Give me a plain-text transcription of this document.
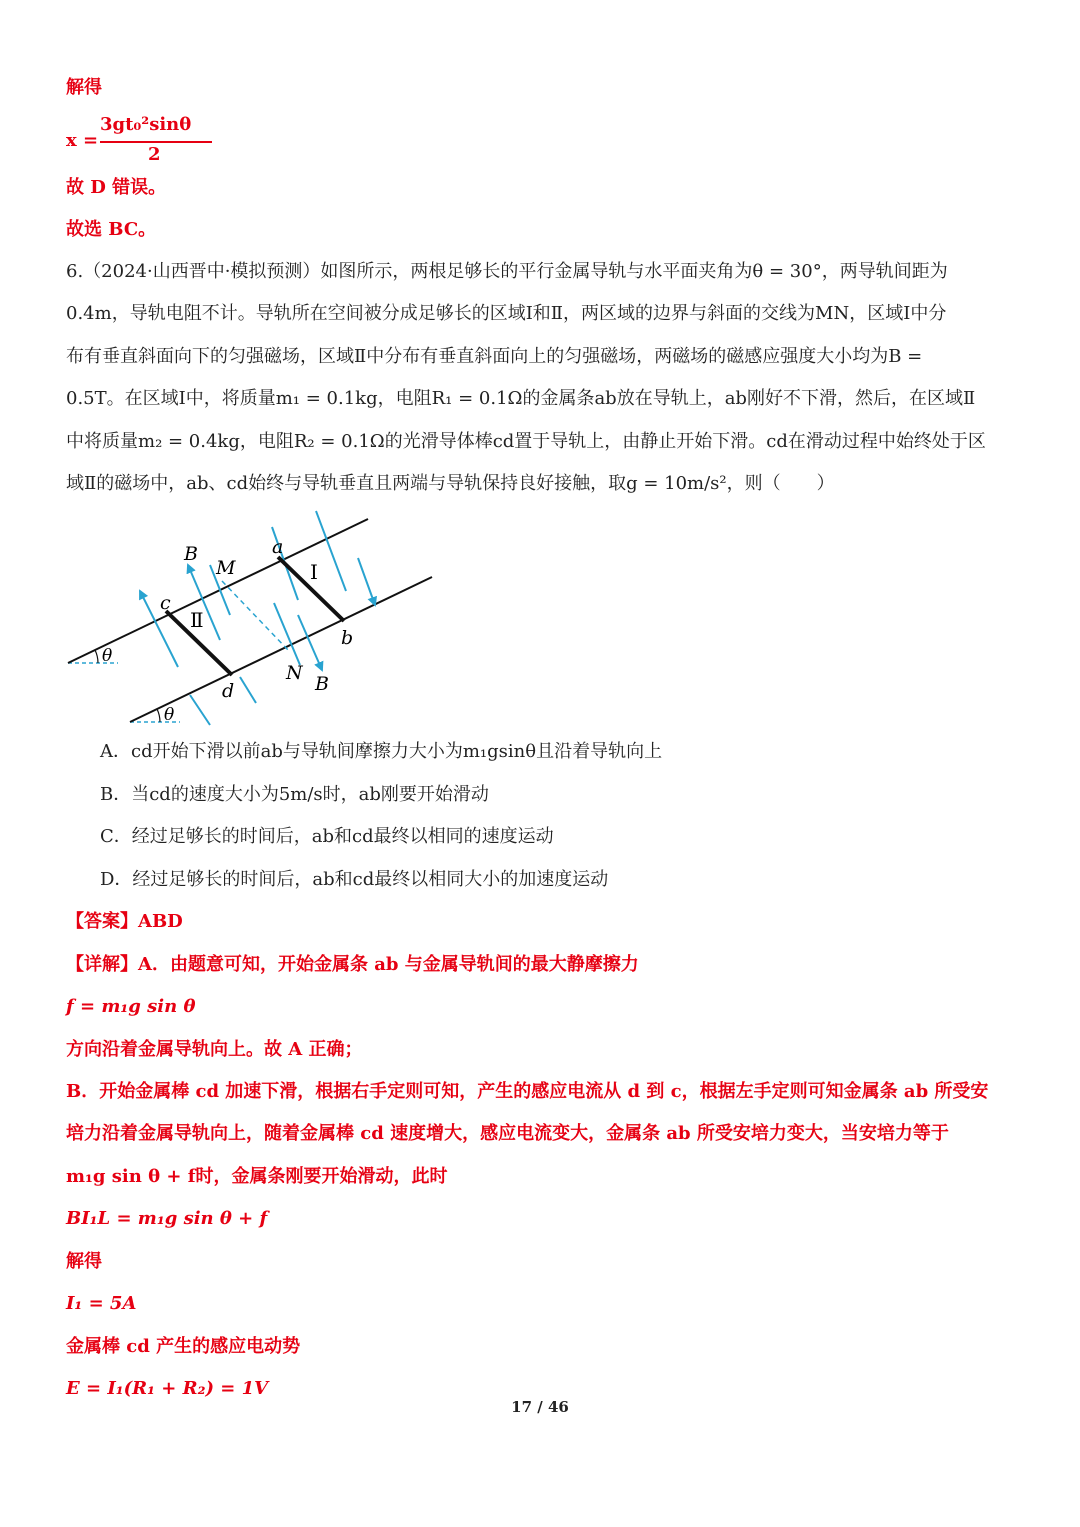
解得
x =
3gt₀²sinθ
2
故 D 错误。
故选 BC。
6.（2024·山西晋中·模拟预测）如图所示，两根足够长的平行金属导轨与水平面夹角为θ = 30°，两导轨间距为
0.4m，导轨电阻不计。导轨所在空间被分成足够长的区域Ⅰ和Ⅱ，两区域的边界与斜面的交线为MN，区域Ⅰ中分
布有垂直斜面向下的匀强磁场，区域Ⅱ中分布有垂直斜面向上的匀强磁场，两磁场的磁感应强度大小均为B =
0.5T。在区域Ⅰ中，将质量m₁ = 0.1kg，电阻R₁ = 0.1Ω的金属条ab放在导轨上，ab刚好不下滑，然后，在区域Ⅱ
中将质量m₂ = 0.4kg，电阻R₂ = 0.1Ω的光滑导体棒cd置于导轨上，由静止开始下滑。cd在滑动过程中始终处于区
域Ⅱ的磁场中，ab、cd始终与导轨垂直且两端与导轨保持良好接触，取g = 10m/s²，则（　　）
B
M
a
Ⅰ
c
Ⅱ
b
θ
N B
d
θ
A．cd开始下滑以前ab与导轨间摩擦力大小为m₁gsinθ且沿着导轨向上
B．当cd的速度大小为5m/s时，ab刚要开始滑动
C．经过足够长的时间后，ab和cd最终以相同的速度运动
D．经过足够长的时间后，ab和cd最终以相同大小的加速度运动
【答案】ABD
【详解】A．由题意可知，开始金属条 ab 与金属导轨间的最大静摩擦力
f = m₁g sin θ
方向沿着金属导轨向上。故 A 正确；
B．开始金属棒 cd 加速下滑，根据右手定则可知，产生的感应电流从 d 到 c，根据左手定则可知金属条 ab 所受安
培力沿着金属导轨向上，随着金属棒 cd 速度增大，感应电流变大，金属条 ab 所受安培力变大，当安培力等于
m₁g sin θ + f时，金属条刚要开始滑动，此时
BI₁L = m₁g sin θ + f
解得
I₁ = 5A
金属棒 cd 产生的感应电动势
E = I₁(R₁ + R₂) = 1V
17 / 46
